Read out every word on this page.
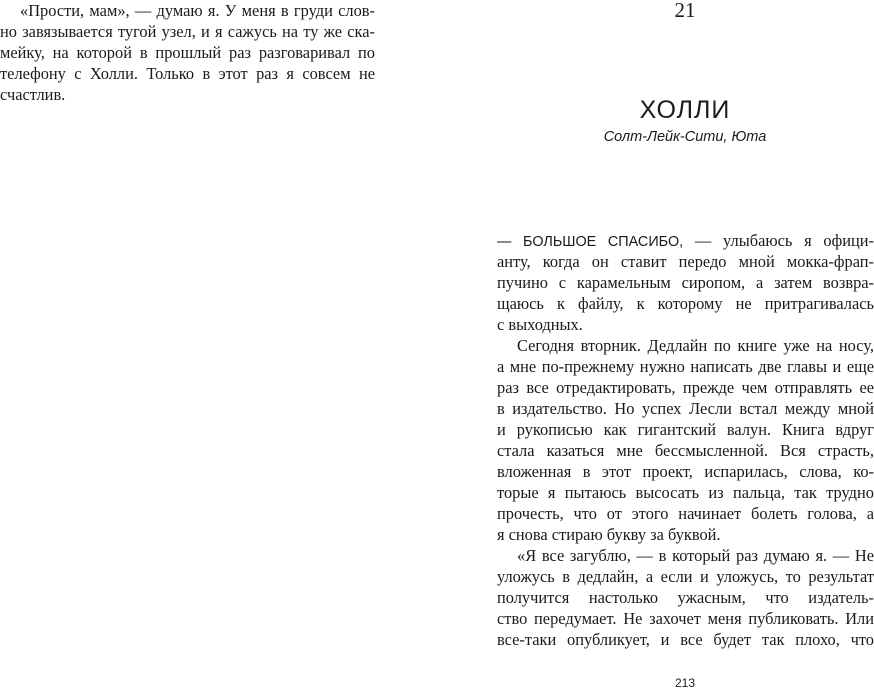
«Прости, мам», — думаю я. У меня в груди слов-
но завязывается тугой узел, и я сажусь на ту же ска-
мейку, на которой в прошлый раз разговаривал по
телефону с Холли. Только в этот раз я совсем не
счастлив.
21
ХОЛЛИ
Солт-Лейк-Сити, Юта
— БОЛЬШОЕ СПАСИБО, — улыбаюсь я офици-
анту, когда он ставит передо мной мокка-фрап-
пучино с карамельным сиропом, а затем возвра-
щаюсь к файлу, к которому не притрагивалась
с выходных.
Сегодня вторник. Дедлайн по книге уже на носу,
а мне по-прежнему нужно написать две главы и еще
раз все отредактировать, прежде чем отправлять ее
в издательство. Но успех Лесли встал между мной
и рукописью как гигантский валун. Книга вдруг
стала казаться мне бессмысленной. Вся страсть,
вложенная в этот проект, испарилась, слова, ко-
торые я пытаюсь высосать из пальца, так трудно
прочесть, что от этого начинает болеть голова, а
я снова стираю букву за буквой.
«Я все загублю, — в который раз думаю я. — Не
уложусь в дедлайн, а если и уложусь, то результат
получится настолько ужасным, что издатель-
ство передумает. Не захочет меня публиковать. Или
все-таки опубликует, и все будет так плохо, что
213
